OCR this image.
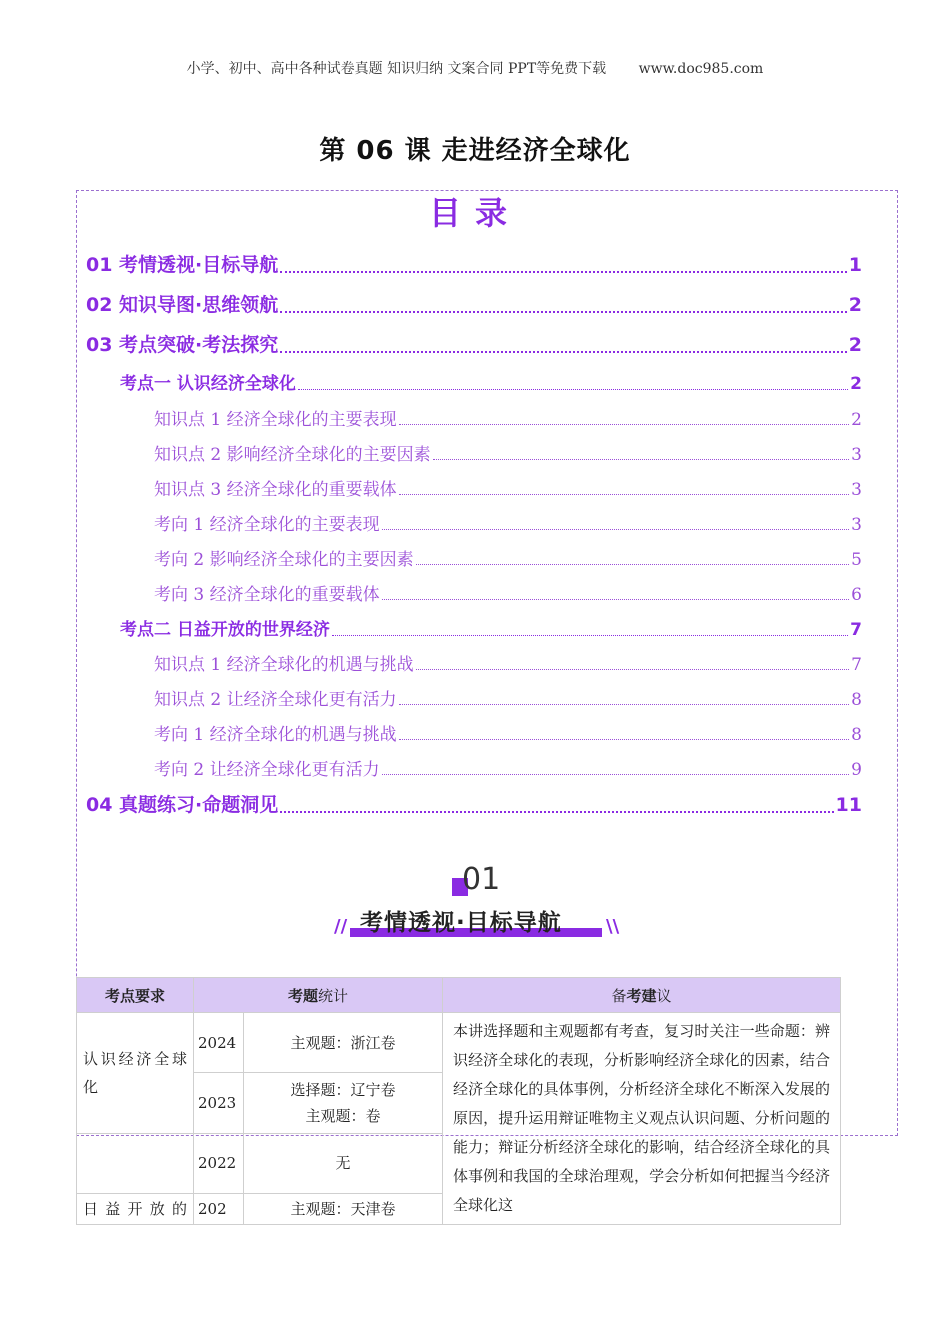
小学、初中、高中各种试卷真题 知识归纳 文案合同 PPT等免费下载 www.doc985.com
第 06 课 走进经济全球化
目录
01 考情透视·目标导航	1
02 知识导图·思维领航	2
03 考点突破·考法探究	2
考点一 认识经济全球化	2
知识点 1 经济全球化的主要表现	2
知识点 2 影响经济全球化的主要因素	3
知识点 3 经济全球化的重要载体	3
考向 1 经济全球化的主要表现	3
考向 2 影响经济全球化的主要因素	5
考向 3 经济全球化的重要载体	6
考点二 日益开放的世界经济	7
知识点 1 经济全球化的机遇与挑战	7
知识点 2 让经济全球化更有活力	8
考向 1 经济全球化的机遇与挑战	8
考向 2 让经济全球化更有活力	9
04 真题练习·命题洞见	11
01
// 考情透视·目标导航 \\
考点要求	考题统计		备考建议
认识经济全球化	2024	主观题：浙江卷	本讲选择题和主观题都有考查，复习时关注一些命题：辨识经济全球化的表现，分析影响经济全球化的因素，结合经济全球化的具体事例，分析经济全球化不断深入发展的原因，提升运用辩证唯物主义观点认识问题、分析问题的能力；辩证分析经济全球化的影响，结合经济全球化的具体事例和我国的全球治理观，学会分析如何把握当今经济全球化这
	2023	选择题：辽宁卷
主观题：卷	

	2022	无	
日益开放的	202	主观题：天津卷	
